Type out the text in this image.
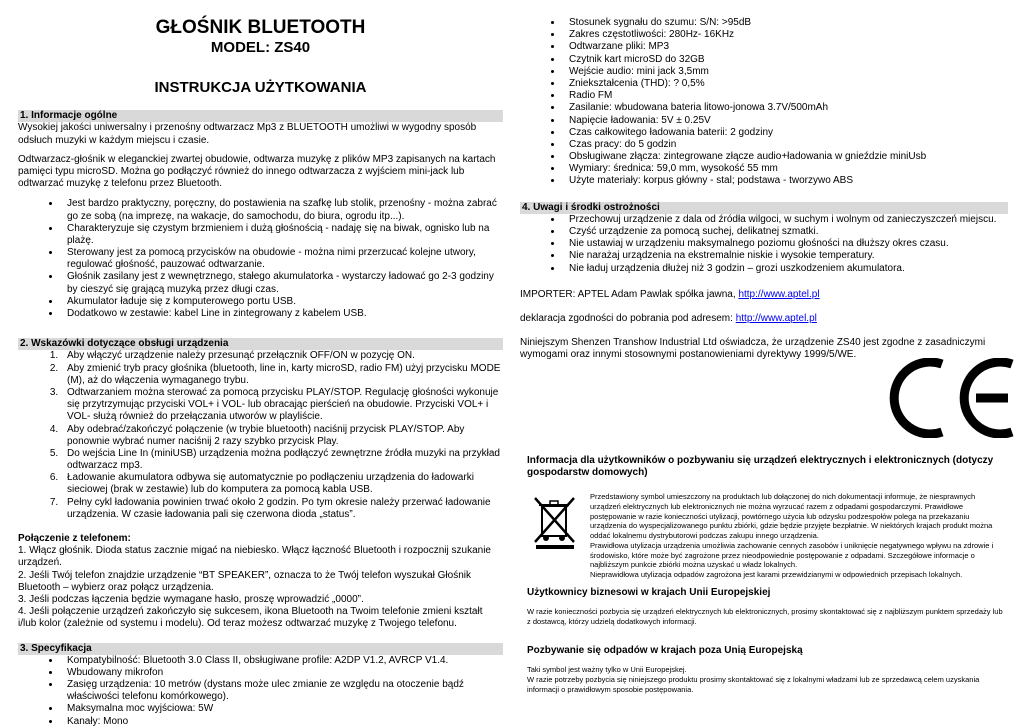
GŁOŚNIK BLUETOOTH
MODEL: ZS40
INSTRUKCJA UŻYTKOWANIA
1. Informacje ogólne

Wysokiej jakości uniwersalny i przenośny odtwarzacz Mp3 z BLUETOOTH umożliwi w wygodny sposób odsłuch muzyki w każdym miejscu i czasie.

Odtwarzacz-głośnik w eleganckiej zwartej obudowie, odtwarza muzykę z plików MP3 zapisanych na kartach pamięci typu microSD. Można go podłączyć również do innego odtwarzacza z wyjściem mini-jack lub odtwarzać muzykę z telefonu przez Bluetooth.

• Jest bardzo praktyczny, poręczny, do postawienia na szafkę lub stolik, przenośny - można zabrać go ze sobą (na imprezę, na wakacje, do samochodu, do biura, ogrodu itp...).
• Charakteryzuje się czystym brzmieniem i dużą głośnością - nadaję się na biwak, ognisko lub na plażę.
• Sterowany jest za pomocą przycisków na obudowie - można nimi przerzucać kolejne utwory, regulować głośność, pauzować odtwarzanie.
• Głośnik zasilany jest z wewnętrznego, stałego akumulatorka - wystarczy ładować go 2-3 godziny by cieszyć się grającą muzyką przez długi czas.
• Akumulator ładuje się z komputerowego portu USB.
• Dodatkowo w zestawie: kabel Line in zintegrowany z kabelem USB.
2. Wskazówki dotyczące obsługi urządzenia
1. Aby włączyć urządzenie należy przesunąć przełącznik OFF/ON w pozycję ON.
2. Aby zmienić tryb pracy głośnika (bluetooth, line in, karty microSD, radio FM) użyj przycisku MODE (M), aż do włączenia wymaganego trybu.
3. Odtwarzaniem można sterować za pomocą przycisku PLAY/STOP. Regulację głośności wykonuje się przytrzymując przyciski VOL+ i VOL- lub obracając pierścień na obudowie. Przyciski VOL+ i VOL- służą również do przełączania utworów w playliście.
4. Aby odebrać/zakończyć połączenie (w trybie bluetooth) naciśnij przycisk PLAY/STOP. Aby ponownie wybrać numer naciśnij 2 razy szybko przycisk Play.
5. Do wejścia Line In (miniUSB) urządzenia można podłączyć zewnętrzne źródła muzyki na przykład odtwarzacz mp3.
6. Ładowanie akumulatora odbywa się automatycznie po podłączeniu urządzenia do ładowarki sieciowej (brak w zestawie) lub do komputera za pomocą kabla USB.
7. Pełny cykl ładowania powinien trwać około 2 godzin. Po tym okresie należy przerwać ładowanie urządzenia. W czasie ładowania pali się czerwona dioda „status”.
Połączenie z telefonem:
1. Włącz głośnik. Dioda status zacznie migać na niebiesko. Włącz łączność Bluetooth i rozpocznij szukanie urządzeń.
2. Jeśli Twój telefon znajdzie urządzenie “BT SPEAKER”, oznacza to że Twój telefon wyszukał Głośnik Bluetooth – wybierz oraz połącz urządzenia.
3. Jeśli podczas łączenia będzie wymagane hasło, proszę wprowadzić „0000”.
4. Jeśli połączenie urządzeń zakończyło się sukcesem, ikona Bluetooth na Twoim telefonie zmieni kształt i/lub kolor (zależnie od systemu i modelu). Od teraz możesz odtwarzać muzykę z Twojego telefonu.
3. Specyfikacja
• Kompatybilność: Bluetooth 3.0 Class II, obsługiwane profile: A2DP V1.2, AVRCP V1.4.
• Wbudowany mikrofon
• Zasięg urządzenia: 10 metrów (dystans może ulec zmianie ze względu na otoczenie bądź właściwości telefonu komórkowego).
• Maksymalna moc wyjściowa: 5W
• Kanały: Mono
• Stosunek sygnału do szumu: S/N: >95dB
• Zakres częstotliwości: 280Hz- 16KHz
• Odtwarzane pliki: MP3
• Czytnik kart microSD do 32GB
• Wejście audio: mini jack 3,5mm
• Zniekształcenia (THD): ? 0,5%
• Radio FM
• Zasilanie: wbudowana bateria litowo-jonowa 3.7V/500mAh
• Napięcie ładowania: 5V ± 0.25V
• Czas całkowitego ładowania baterii: 2 godziny
• Czas pracy: do 5 godzin
• Obsługiwane złącza: zintegrowane złącze audio+ładowania w gnieździe miniUsb
• Wymiary: średnica: 59,0 mm, wysokość 55 mm
• Użyte materiały: korpus główny - stal; podstawa - tworzywo ABS
4. Uwagi i środki ostrożności
• Przechowuj urządzenie z dala od źródła wilgoci, w suchym i wolnym od zanieczyszczeń miejscu.
• Czyść urządzenie za pomocą suchej, delikatnej szmatki.
• Nie ustawiaj w urządzeniu maksymalnego poziomu głośności na dłuższy okres czasu.
• Nie narażaj urządzenia na ekstremalnie niskie i wysokie temperatury.
• Nie ładuj urządzenia dłużej niż 3 godzin – grozi uszkodzeniem akumulatora.

IMPORTER: APTEL Adam Pawlak spółka jawna, http://www.aptel.pl

deklaracja zgodności do pobrania pod adresem: http://www.aptel.pl

Niniejszym Shenzen Transhow Industrial Ltd oświadcza, że urządzenie ZS40 jest zgodne z zasadniczymi wymogami oraz innymi stosownymi postanowieniami dyrektywy 1999/5/WE.

Informacja dla użytkowników o pozbywaniu się urządzeń elektrycznych i elektronicznych (dotyczy gospodarstw domowych)
Przedstawiony symbol umieszczony na produktach lub dołączonej do nich dokumentacji informuje, że niesprawnych urządzeń elektrycznych lub elektronicznych nie można wyrzucać razem z odpadami gospodarczymi. Prawidłowe postępowanie w razie konieczności utylizacji, powtórnego użycia lub odzysku podzespołów polega na przekazaniu urządzenia do wyspecjalizowanego punktu zbiórki, gdzie będzie przyjęte bezpłatnie. W niektórych krajach produkt można oddać lokalnemu dystrybutorowi podczas zakupu innego urządzenia.
Prawidłowa utylizacja urządzenia umożliwia zachowanie cennych zasobów i uniknięcie negatywnego wpływu na zdrowie i środowisko, które może być zagrożone przez nieodpowiednie postępowanie z odpadami. Szczegółowe informacje o najbliższym punkcie zbiórki można uzyskać u władz lokalnych.
Nieprawidłowa utylizacja odpadów zagrożona jest karami przewidzianymi w odpowiednich przepisach lokalnych.
Użytkownicy biznesowi w krajach Unii Europejskiej
W razie konieczności pozbycia się urządzeń elektrycznych lub elektronicznych, prosimy skontaktować się z najbliższym punktem sprzedaży lub z dostawcą, którzy udzielą dodatkowych informacji.
Pozbywanie się odpadów w krajach poza Unią Europejską
Taki symbol jest ważny tylko w Unii Europejskej.
W razie potrzeby pozbycia się niniejszego produktu prosimy skontaktować się z lokalnymi władzami lub ze sprzedawcą celem uzyskania informacji o prawidłowym sposobie postępowania.
